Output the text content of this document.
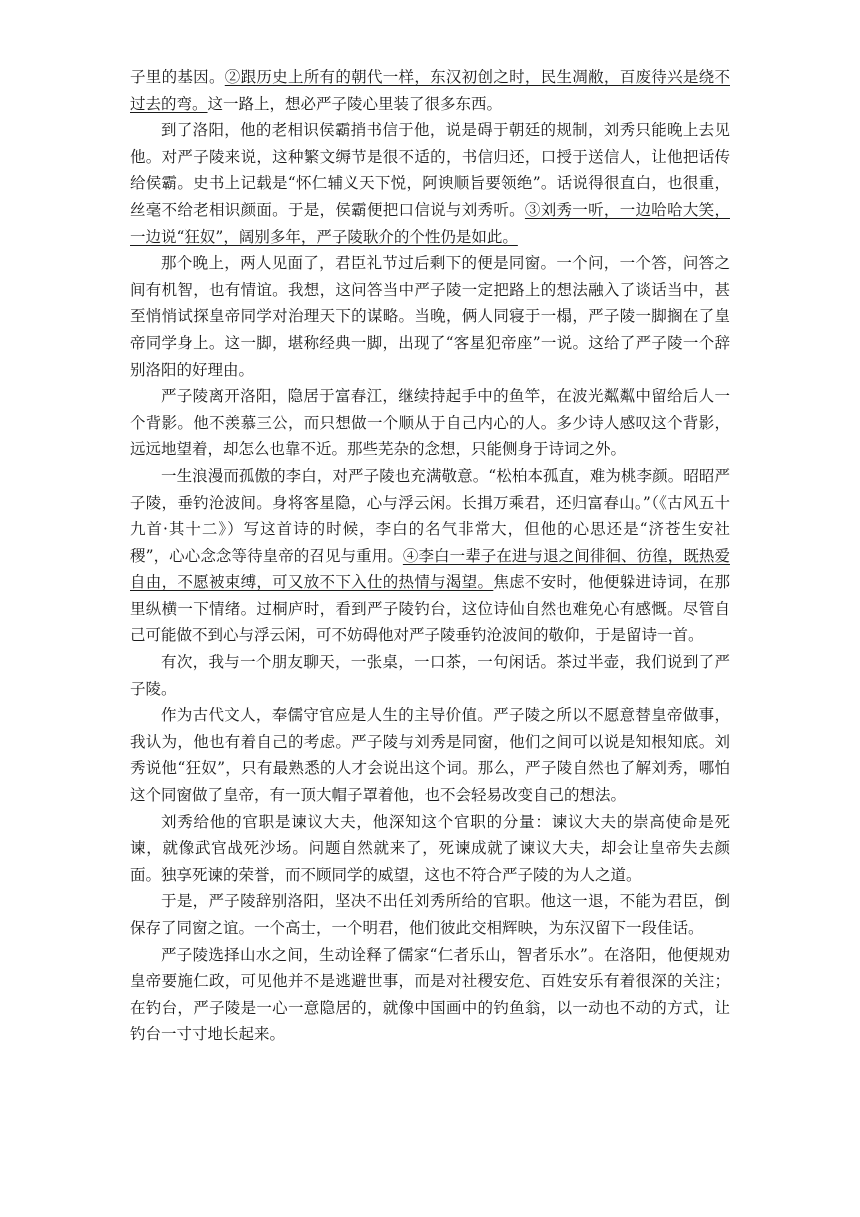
子里的基因。②跟历史上所有的朝代一样，东汉初创之时，民生凋敝，百废待兴是绕不过去的弯。这一路上，想必严子陵心里装了很多东西。

到了洛阳，他的老相识侯霸捎书信于他，说是碍于朝廷的规制，刘秀只能晚上去见他。对严子陵来说，这种繁文缛节是很不适的，书信归还，口授于送信人，让他把话传给侯霸。史书上记载是“怀仁辅义天下悦，阿谀顺旨要领绝”。话说得很直白，也很重，丝毫不给老相识颜面。于是，侯霸便把口信说与刘秀听。③刘秀一听，一边哈哈大笑，一边说“狂奴”，阔别多年，严子陵耿介的个性仍是如此。

那个晚上，两人见面了，君臣礼节过后剩下的便是同窗。一个问，一个答，问答之间有机智，也有情谊。我想，这问答当中严子陵一定把路上的想法融入了谈话当中，甚至悄悄试探皇帝同学对治理天下的谋略。当晚，俩人同寝于一榻，严子陵一脚搁在了皇帝同学身上。这一脚，堪称经典一脚，出现了“客星犯帝座”一说。这给了严子陵一个辞别洛阳的好理由。

严子陵离开洛阳，隐居于富春江，继续持起手中的鱼竿，在波光粼粼中留给后人一个背影。他不羡慕三公，而只想做一个顺从于自己内心的人。多少诗人感叹这个背影，远远地望着，却怎么也靠不近。那些芜杂的念想，只能侧身于诗词之外。

一生浪漫而孤傲的李白，对严子陵也充满敬意。“松柏本孤直，难为桃李颜。昭昭严子陵，垂钓沧波间。身将客星隐，心与浮云闲。长揖万乘君，还归富春山。”（《古风五十九首·其十二》）写这首诗的时候，李白的名气非常大，但他的心思还是“济苍生安社稷”，心心念念等待皇帝的召见与重用。④李白一辈子在进与退之间徘徊、彷徨，既热爱自由，不愿被束缚，可又放不下入仕的热情与渴望。焦虑不安时，他便躲进诗词，在那里纵横一下情绪。过桐庐时，看到严子陵钓台，这位诗仙自然也难免心有感慨。尽管自己可能做不到心与浮云闲，可不妨碍他对严子陵垂钓沧波间的敬仰，于是留诗一首。

有次，我与一个朋友聊天，一张桌，一口茶，一句闲话。茶过半壶，我们说到了严子陵。

作为古代文人，奉儒守官应是人生的主导价值。严子陵之所以不愿意替皇帝做事，我认为，他也有着自己的考虑。严子陵与刘秀是同窗，他们之间可以说是知根知底。刘秀说他“狂奴”，只有最熟悉的人才会说出这个词。那么，严子陵自然也了解刘秀，哪怕这个同窗做了皇帝，有一顶大帽子罩着他，也不会轻易改变自己的想法。

刘秀给他的官职是谏议大夫，他深知这个官职的分量：谏议大夫的崇高使命是死谏，就像武官战死沙场。问题自然就来了，死谏成就了谏议大夫，却会让皇帝失去颜面。独享死谏的荣誉，而不顾同学的威望，这也不符合严子陵的为人之道。

于是，严子陵辞别洛阳，坚决不出任刘秀所给的官职。他这一退，不能为君臣，倒保存了同窗之谊。一个高士，一个明君，他们彼此交相辉映，为东汉留下一段佳话。

严子陵选择山水之间，生动诠释了儒家“仁者乐山，智者乐水”。在洛阳，他便规劝皇帝要施仁政，可见他并不是逃避世事，而是对社稷安危、百姓安乐有着很深的关注；在钓台，严子陵是一心一意隐居的，就像中国画中的钓鱼翁，以一动也不动的方式，让钓台一寸寸地长起来。
